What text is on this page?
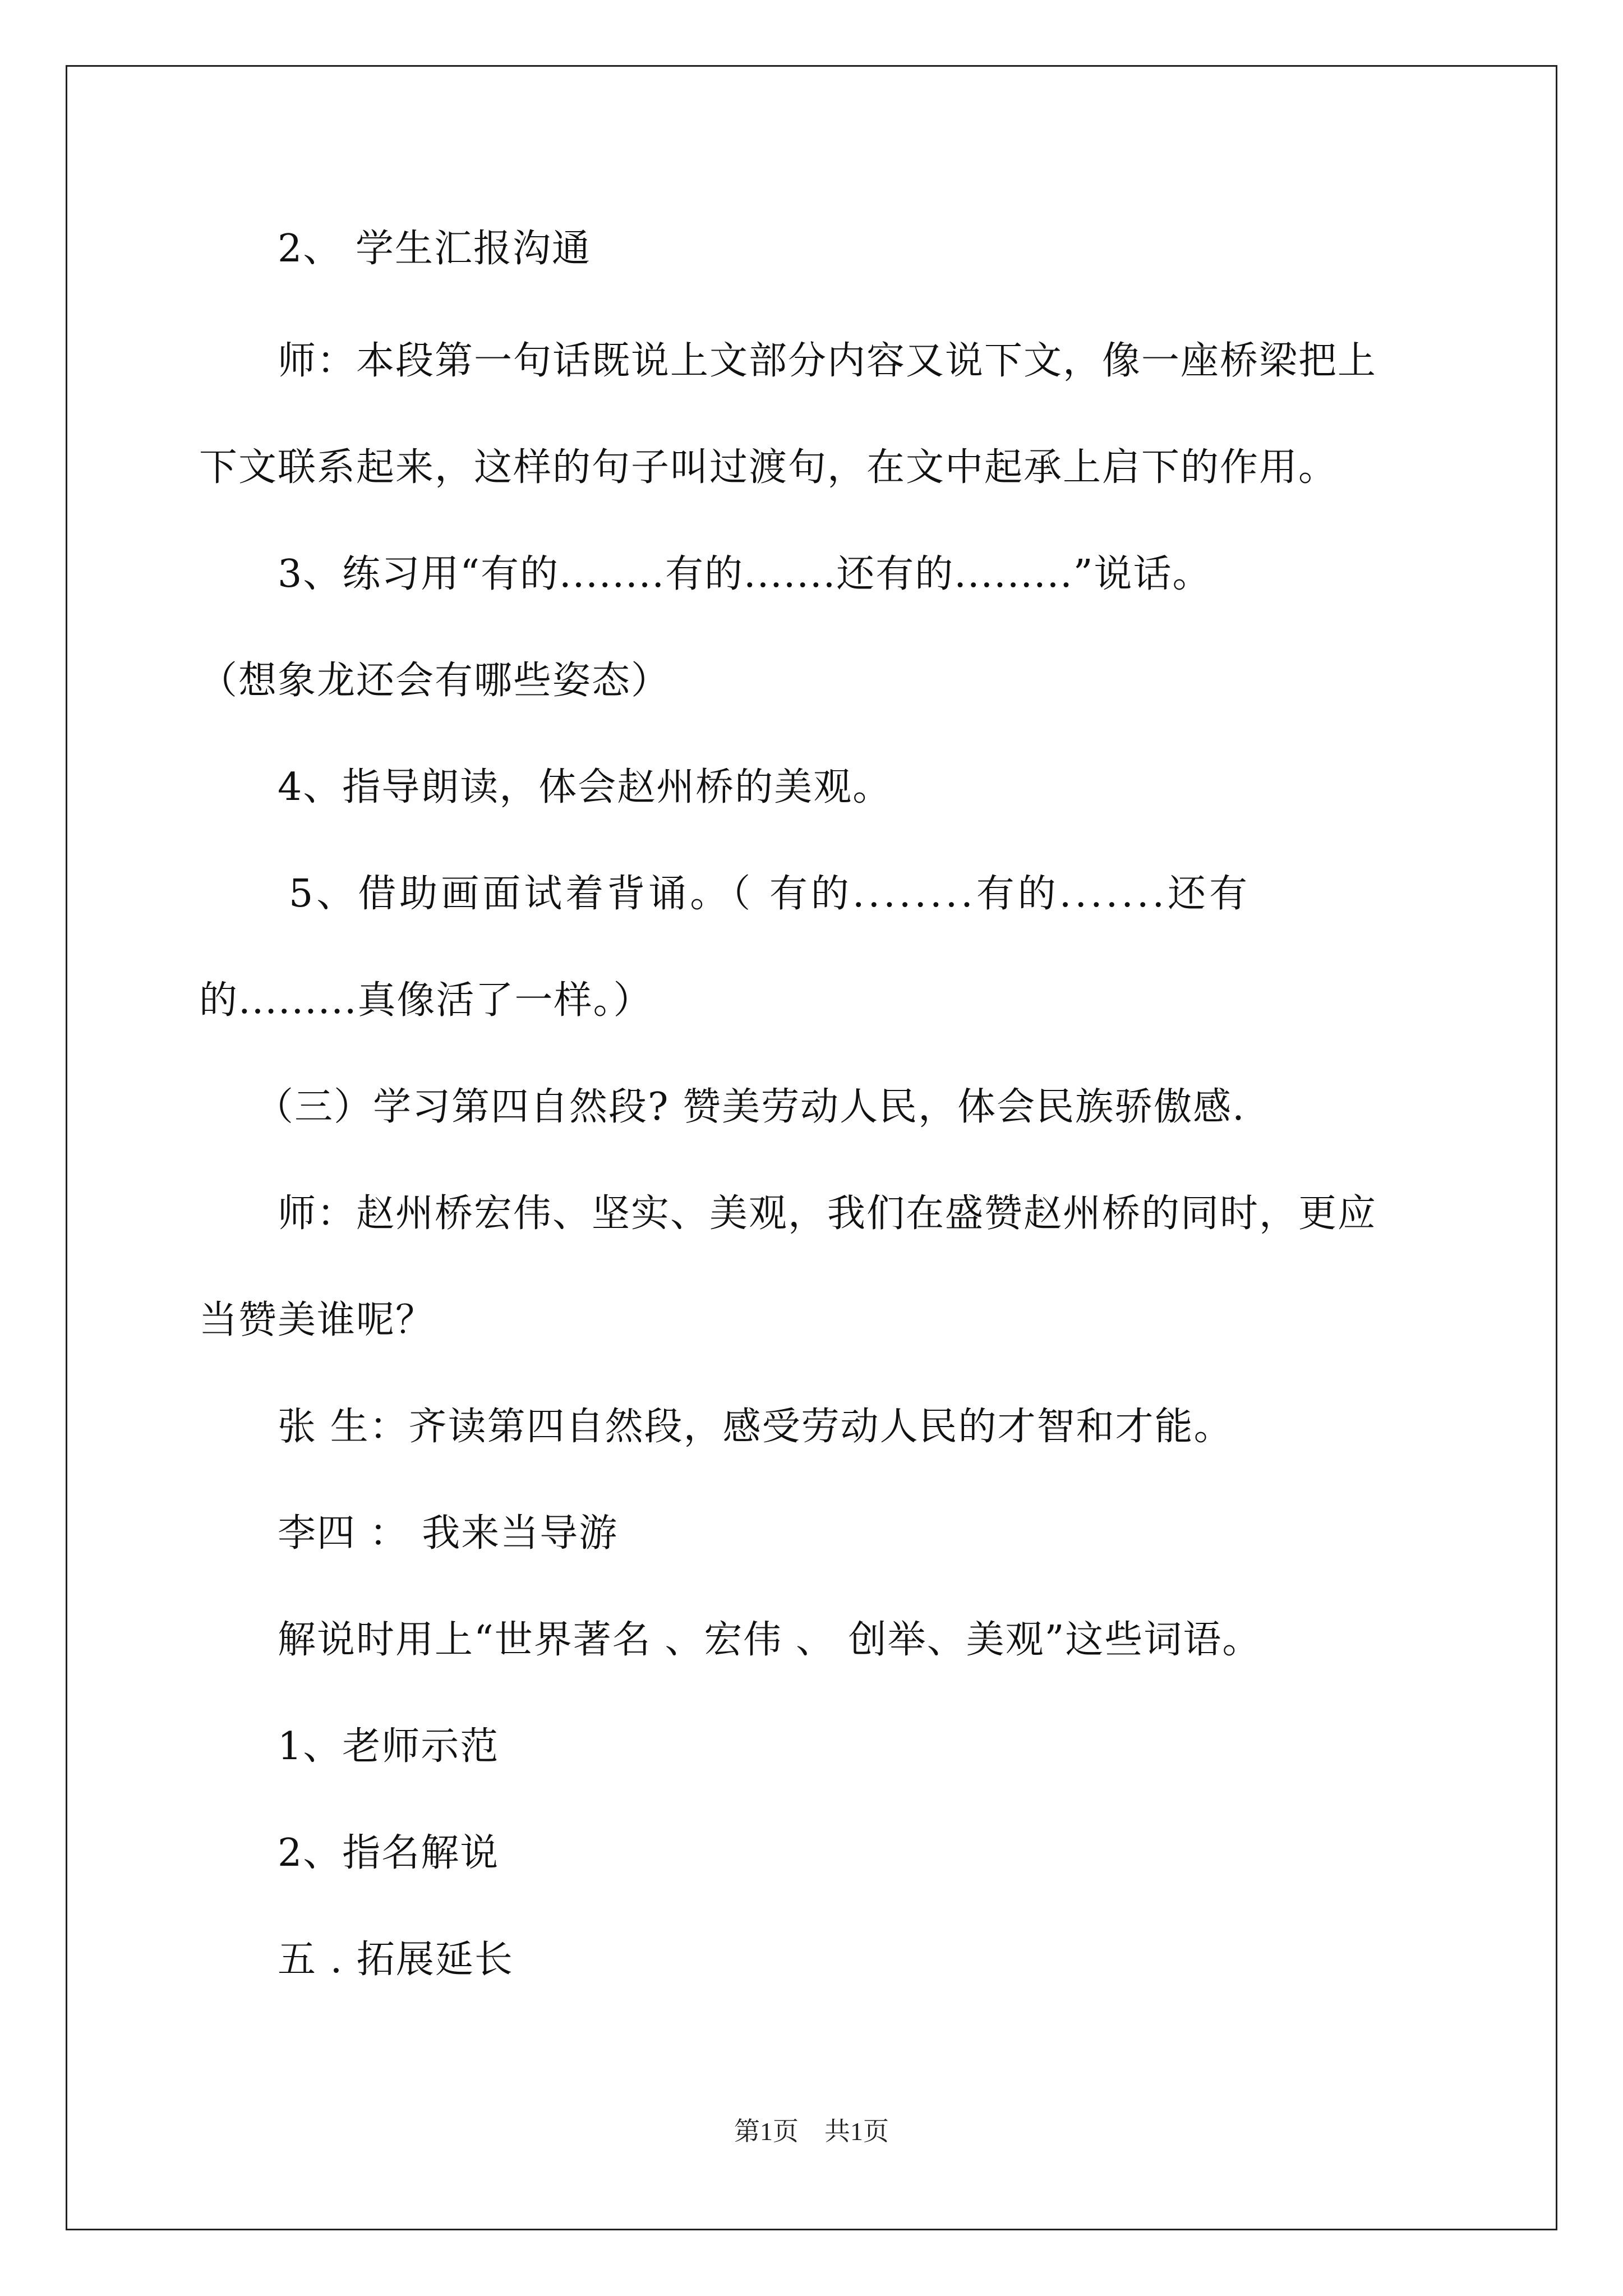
2、 学生汇报沟通

师：本段第一句话既说上文部分内容又说下文，像一座桥梁把上

下文联系起来，这样的句子叫过渡句，在文中起承上启下的作用。

3、练习用“有的........有的.......还有的.........”说话。

（想象龙还会有哪些姿态）

4、指导朗读，体会赵州桥的美观。

5、借助画面试着背诵。（ 有的........有的.......还有

的.........真像活了一样。）

（三）学习第四自然段? 赞美劳动人民，体会民族骄傲感.

师：赵州桥宏伟、坚实、美观，我们在盛赞赵州桥的同时，更应

当赞美谁呢？

张 生：齐读第四自然段，感受劳动人民的才智和才能。

李四 ： 我来当导游

解说时用上“世界著名 、宏伟 、 创举、美观”这些词语。

1、老师示范

2、指名解说

五 . 拓展延长

第1页　共1页
